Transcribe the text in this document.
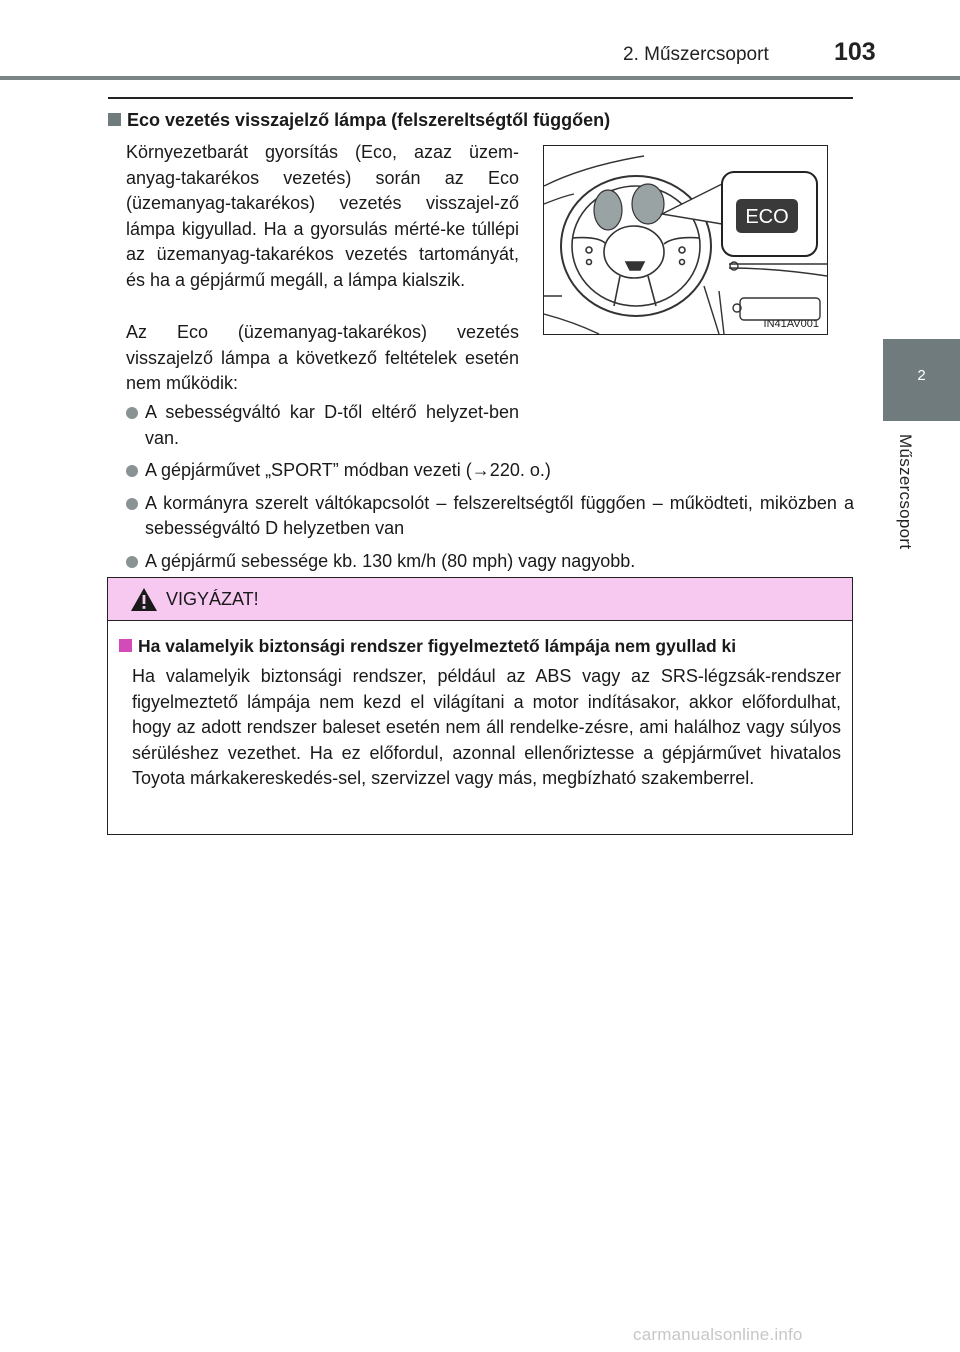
2. Műszercsoport	103
2
Műszercsoport
Eco vezetés visszajelző lámpa (felszereltségtől függően)
Környezetbarát gyorsítás (Eco, azaz üzem-anyag-takarékos vezetés) során az Eco (üzemanyag-takarékos) vezetés visszajel-ző lámpa kigyullad. Ha a gyorsulás mérté-ke túllépi az üzemanyag-takarékos vezetés tartományát, és ha a gépjármű megáll, a lámpa kialszik.
Az Eco (üzemanyag-takarékos) vezetés visszajelző lámpa a következő feltételek esetén nem működik:
ECO
IN41AV001
A sebességváltó kar D-től eltérő helyzet-ben van.
A gépjárművet „SPORT” módban vezeti (→220. o.)
A kormányra szerelt váltókapcsolót – felszereltségtől függően – működteti, miközben a sebességváltó D helyzetben van
A gépjármű sebessége kb. 130 km/h (80 mph) vagy nagyobb.
VIGYÁZAT!
Ha valamelyik biztonsági rendszer figyelmeztető lámpája nem gyullad ki
Ha valamelyik biztonsági rendszer, például az ABS vagy az SRS-légzsák-rendszer figyelmeztető lámpája nem kezd el világítani a motor indításakor, akkor előfordulhat, hogy az adott rendszer baleset esetén nem áll rendelke-zésre, ami halálhoz vagy súlyos sérüléshez vezethet. Ha ez előfordul, azonnal ellenőriztesse a gépjárművet hivatalos Toyota márkakereskedés-sel, szervizzel vagy más, megbízható szakemberrel.
carmanualsonline.info
